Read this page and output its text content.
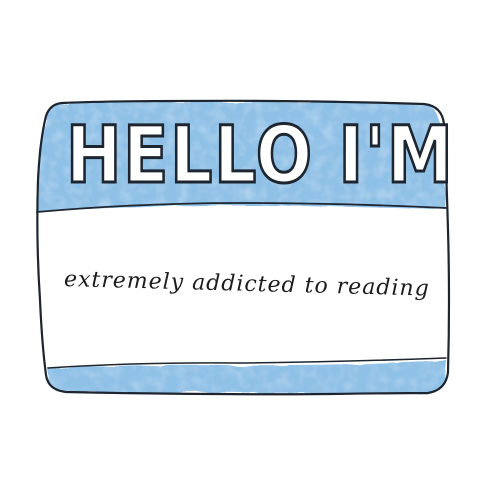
HELLO I'M
extremely addicted to reading
